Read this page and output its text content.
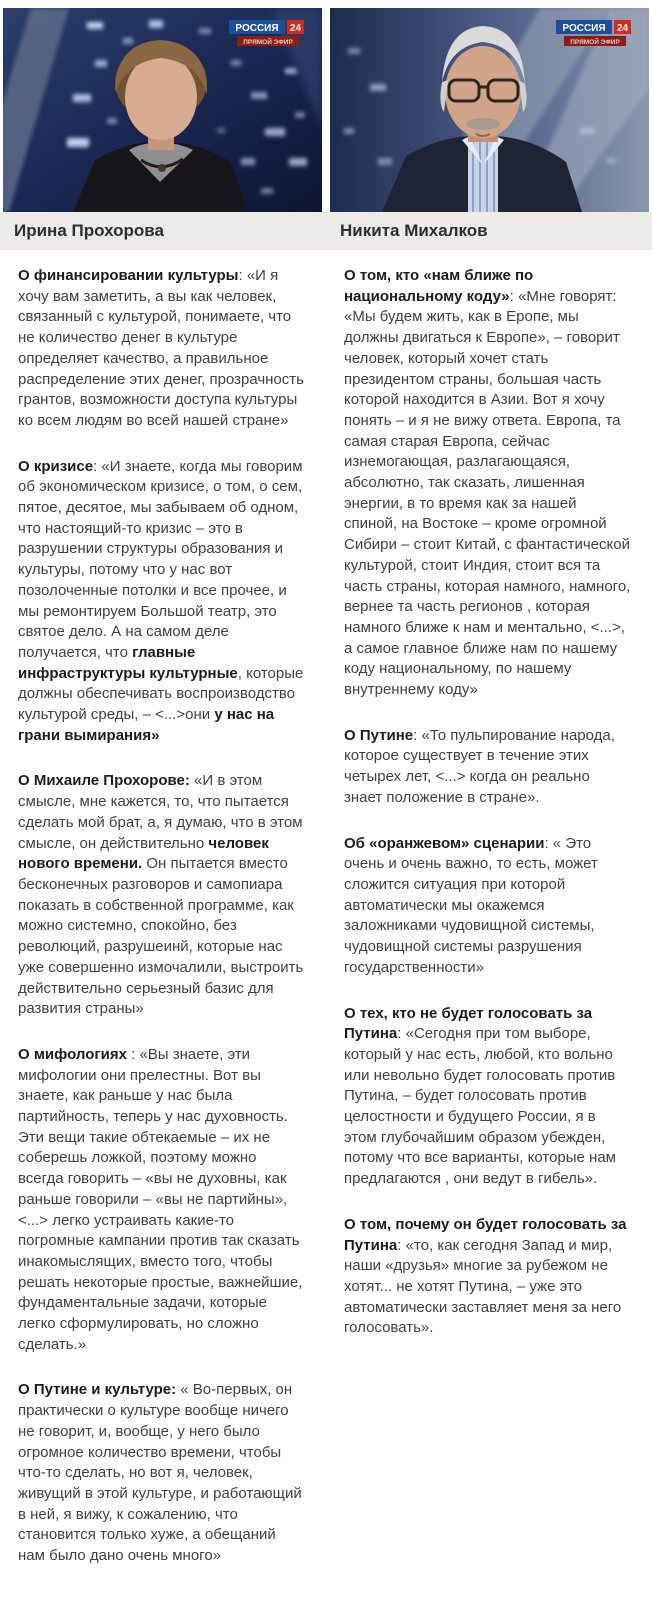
РОССИЯ 24
ПРЯМОЙ ЭФИР
РОССИЯ 24
ПРЯМОЙ ЭФИР
Ирина Прохорова	Никита Михалков

О финансировании культуры: «И я хочу вам заметить, а вы как человек, связанный с культурой, понимаете, что не количество денег в культуре определяет качество, а правильное распределение этих денег, прозрачность грантов, возможности доступа культуры ко всем людям во всей нашей стране»

О кризисе: «И знаете, когда мы говорим об экономическом кризисе, о том, о сем, пятое, десятое, мы забываем об одном, что настоящий-то кризис – это в разрушении структуры образования и культуры, потому что у нас вот позолоченные потолки и все прочее, и мы ремонтируем Большой театр, это святое дело. А на самом деле получается, что главные инфраструктуры культурные, которые должны обеспечивать воспроизводство культурой среды, – <...>они у нас на грани вымирания»

О Михаиле Прохорове: «И в этом смысле, мне кажется, то, что пытается сделать мой брат, а, я думаю, что в этом смысле, он действительно человек нового времени. Он пытается вместо бесконечных разговоров и самопиара показать в собственной программе, как можно системно, спокойно, без революций, разрушеинй, которые нас уже совершенно измочалили, выстроить действительно серьезный базис для развития страны»

О мифологиях : «Вы знаете, эти мифологии они прелестны. Вот вы знаете, как раньше у нас была партийность, теперь у нас духовность. Эти вещи такие обтекаемые – их не соберешь ложкой, поэтому можно всегда говорить – «вы не духовны, как раньше говорили – «вы не партийны», <...> легко устраивать какие-то погромные кампании против так сказать инакомыслящих, вместо того, чтобы решать некоторые простые, важнейшие, фундаментальные задачи, которые легко сформулировать, но сложно сделать.»

О Путине и культуре: « Во-первых, он практически о культуре вообще ничего не говорит, и, вообще, у него было огромное количество времени, чтобы что-то сделать, но вот я, человек, живущий в этой культуре, и работающий в ней, я вижу, к сожалению, что становится только хуже, а обещаний нам было дано очень много»

О том, кто «нам ближе по национальному коду»: «Мне говорят: «Мы будем жить, как в Еропе, мы должны двигаться к Европе», – говорит человек, который хочет стать президентом страны, большая часть которой находится в Азии. Вот я хочу понять – и я не вижу ответа. Европа, та самая старая Европа, сейчас изнемогающая, разлагающаяся, абсолютно, так сказать, лишенная энергии, в то время как за нашей спиной, на Востоке – кроме огромной Сибири – стоит Китай, с фантастической культурой, стоит Индия, стоит вся та часть страны, которая намного, намного, вернее та часть регионов , которая намного ближе к нам и ментально, <...>, а самое главное ближе нам по нашему коду национальному, по нашему внутреннему коду»

О Путине: «То пульпирование народа, которое существует в течение этих четырех лет, <...> когда он реально знает положение в стране».

Об «оранжевом» сценарии: « Это очень и очень важно, то есть, может сложится ситуация при которой автоматически мы окажемся заложниками чудовищной системы, чудовищной системы разрушения государственности»

О тех, кто не будет голосовать за Путина: «Сегодня при том выборе, который у нас есть, любой, кто вольно или невольно будет голосовать против Путина, – будет голосовать против целостности и будущего России, я в этом глубочайшим образом убежден, потому что все варианты, которые нам предлагаются , они ведут в гибель».

О том, почему он будет голосовать за Путина: «то, как сегодня Запад и мир, наши «друзья» многие за рубежом не хотят... не хотят Путина, – уже это автоматически заставляет меня за него голосовать».
